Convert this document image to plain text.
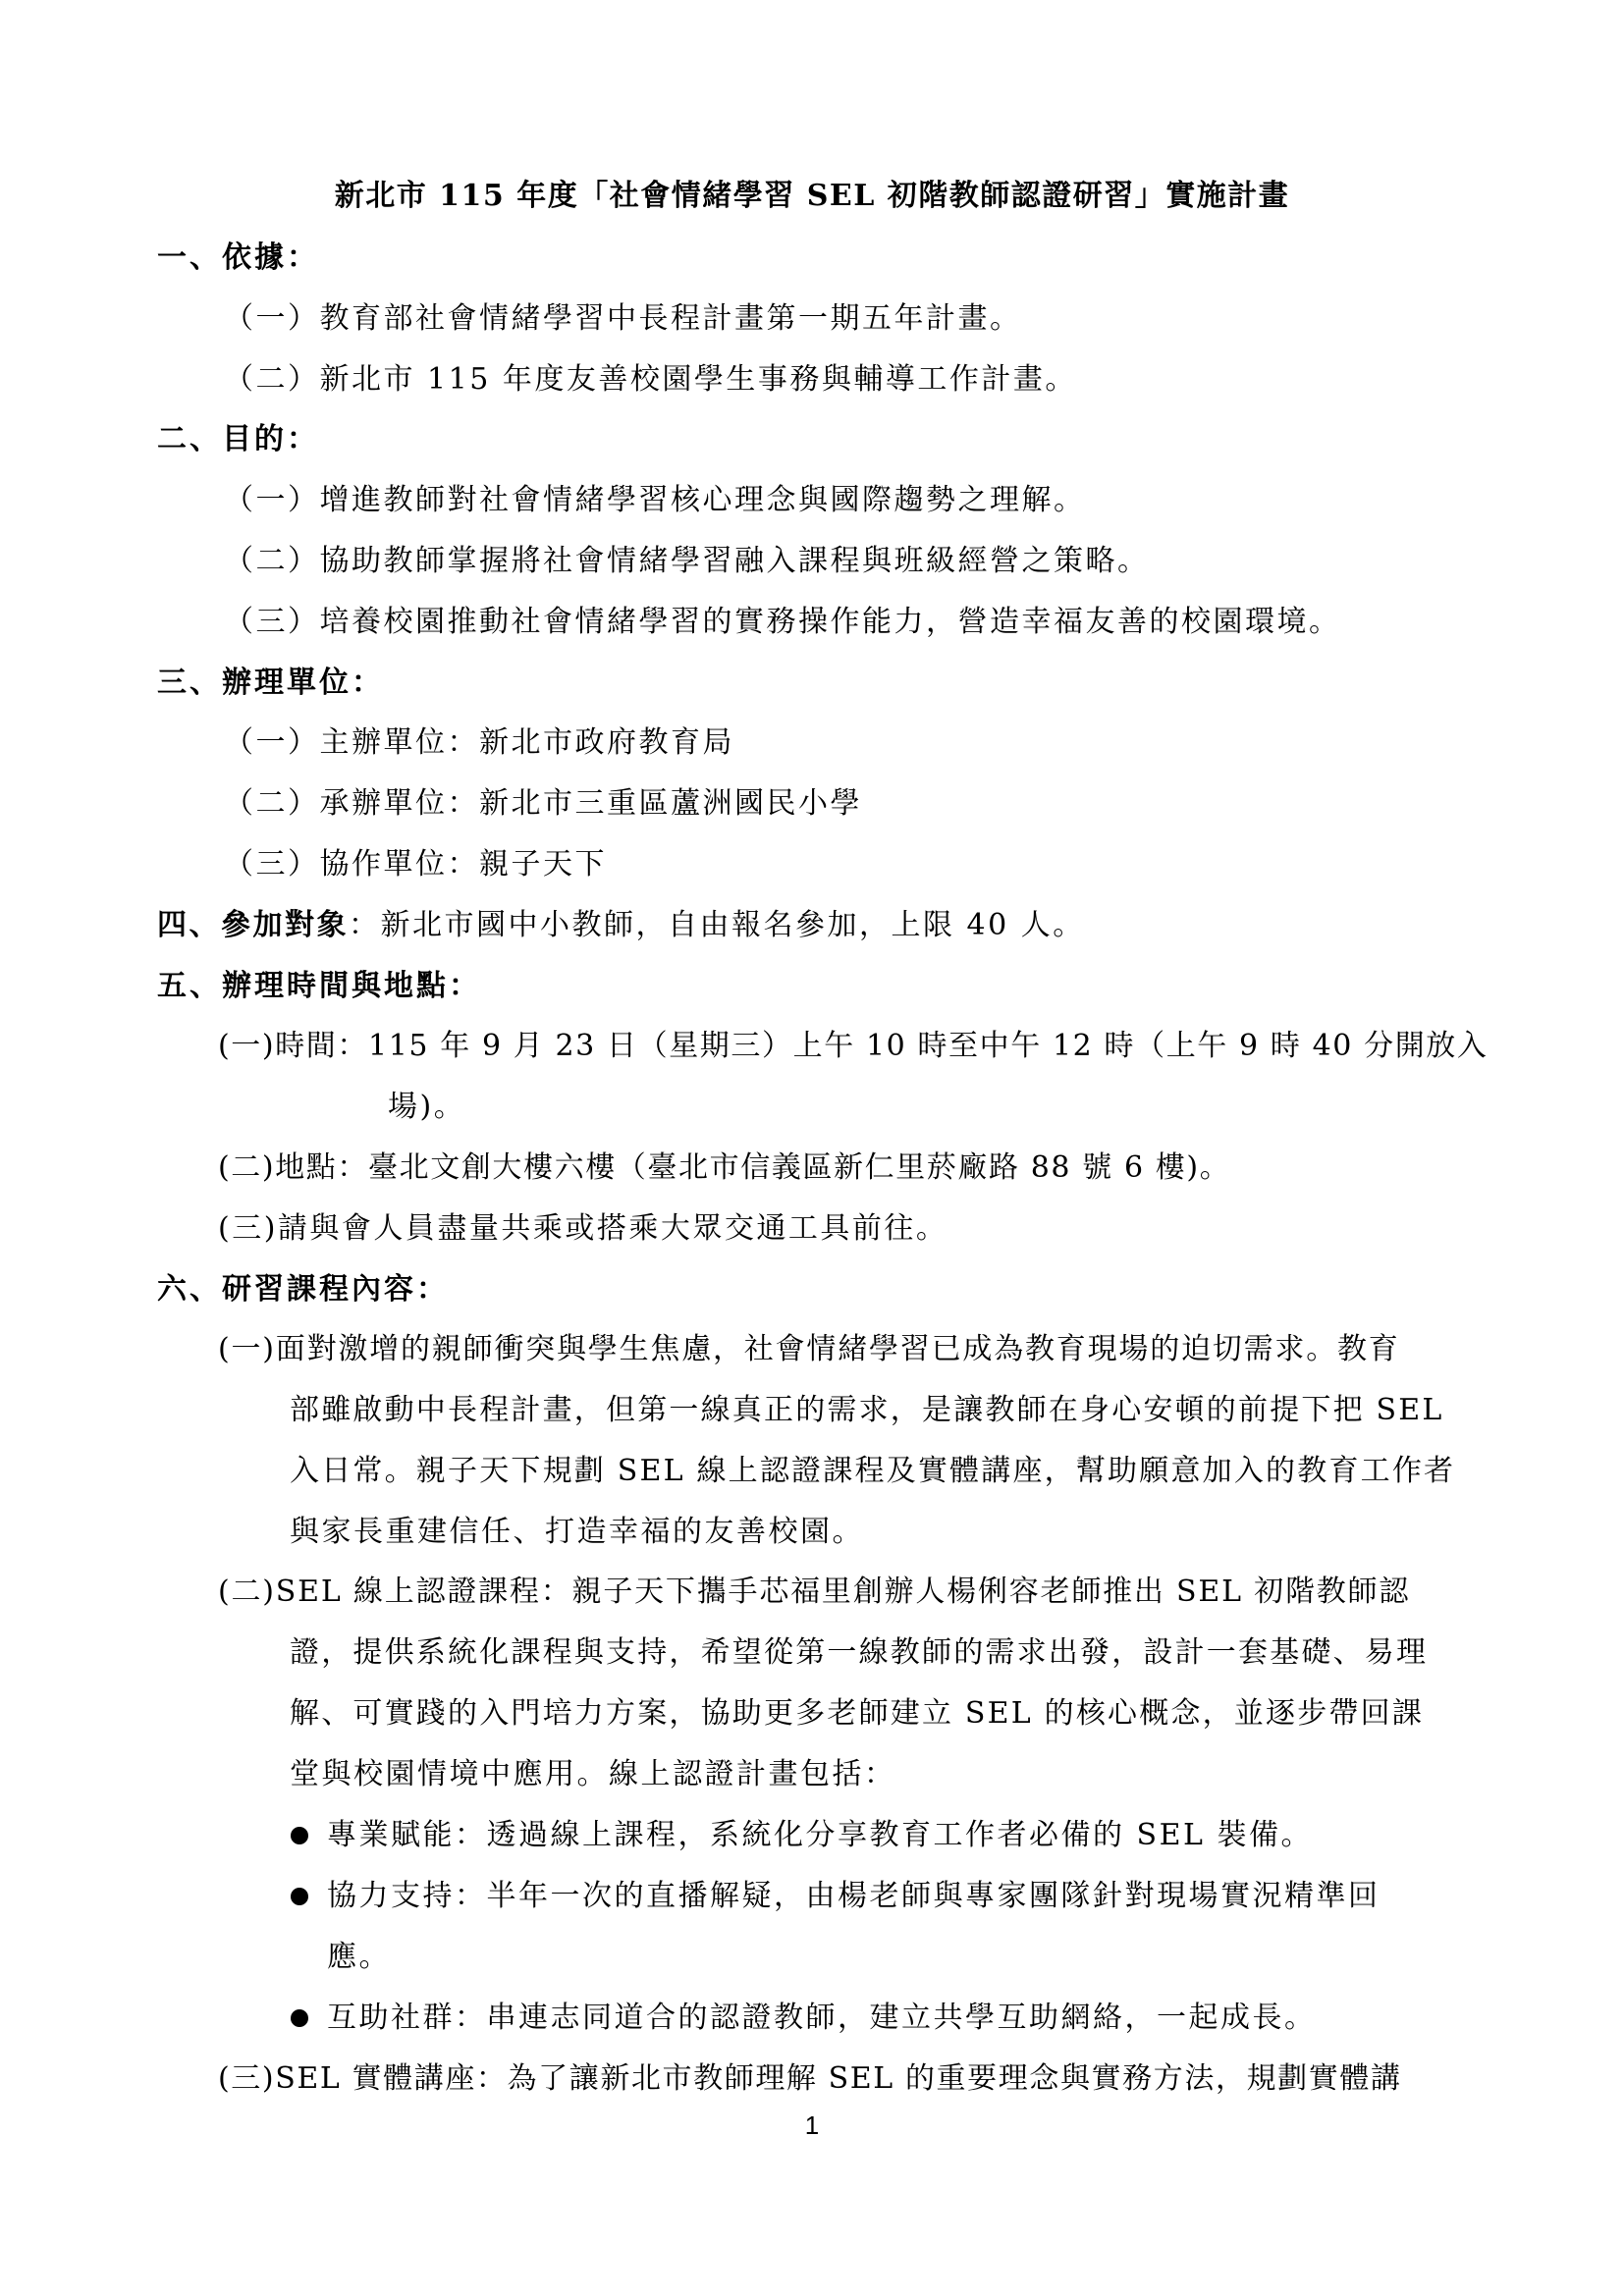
新北市 115 年度「社會情緒學習 SEL 初階教師認證研習」實施計畫
一、依據：
（一）教育部社會情緒學習中長程計畫第一期五年計畫。
（二）新北市 115 年度友善校園學生事務與輔導工作計畫。
二、目的：
（一）增進教師對社會情緒學習核心理念與國際趨勢之理解。
（二）協助教師掌握將社會情緒學習融入課程與班級經營之策略。
（三）培養校園推動社會情緒學習的實務操作能力，營造幸福友善的校園環境。
三、辦理單位：
（一）主辦單位：新北市政府教育局
（二）承辦單位：新北市三重區蘆洲國民小學
（三）協作單位：親子天下
四、參加對象：新北市國中小教師，自由報名參加，上限 40 人。
五、辦理時間與地點：
(一)時間：115 年 9 月 23 日（星期三）上午 10 時至中午 12 時（上午 9 時 40 分開放入
場)。
(二)地點：臺北文創大樓六樓（臺北市信義區新仁里菸廠路 88 號 6 樓)。
(三)請與會人員盡量共乘或搭乘大眾交通工具前往。
六、研習課程內容：
(一)面對激增的親師衝突與學生焦慮，社會情緒學習已成為教育現場的迫切需求。教育
部雖啟動中長程計畫，但第一線真正的需求，是讓教師在身心安頓的前提下把 SEL
入日常。親子天下規劃 SEL 線上認證課程及實體講座，幫助願意加入的教育工作者
與家長重建信任、打造幸福的友善校園。
(二)SEL 線上認證課程：親子天下攜手芯福里創辦人楊俐容老師推出 SEL 初階教師認
證，提供系統化課程與支持，希望從第一線教師的需求出發，設計一套基礎、易理
解、可實踐的入門培力方案，協助更多老師建立 SEL 的核心概念，並逐步帶回課
堂與校園情境中應用。線上認證計畫包括：
專業賦能：透過線上課程，系統化分享教育工作者必備的 SEL 裝備。
協力支持：半年一次的直播解疑，由楊老師與專家團隊針對現場實況精準回
應。
互助社群：串連志同道合的認證教師，建立共學互助網絡，一起成長。
(三)SEL 實體講座：為了讓新北市教師理解 SEL 的重要理念與實務方法，規劃實體講
1
